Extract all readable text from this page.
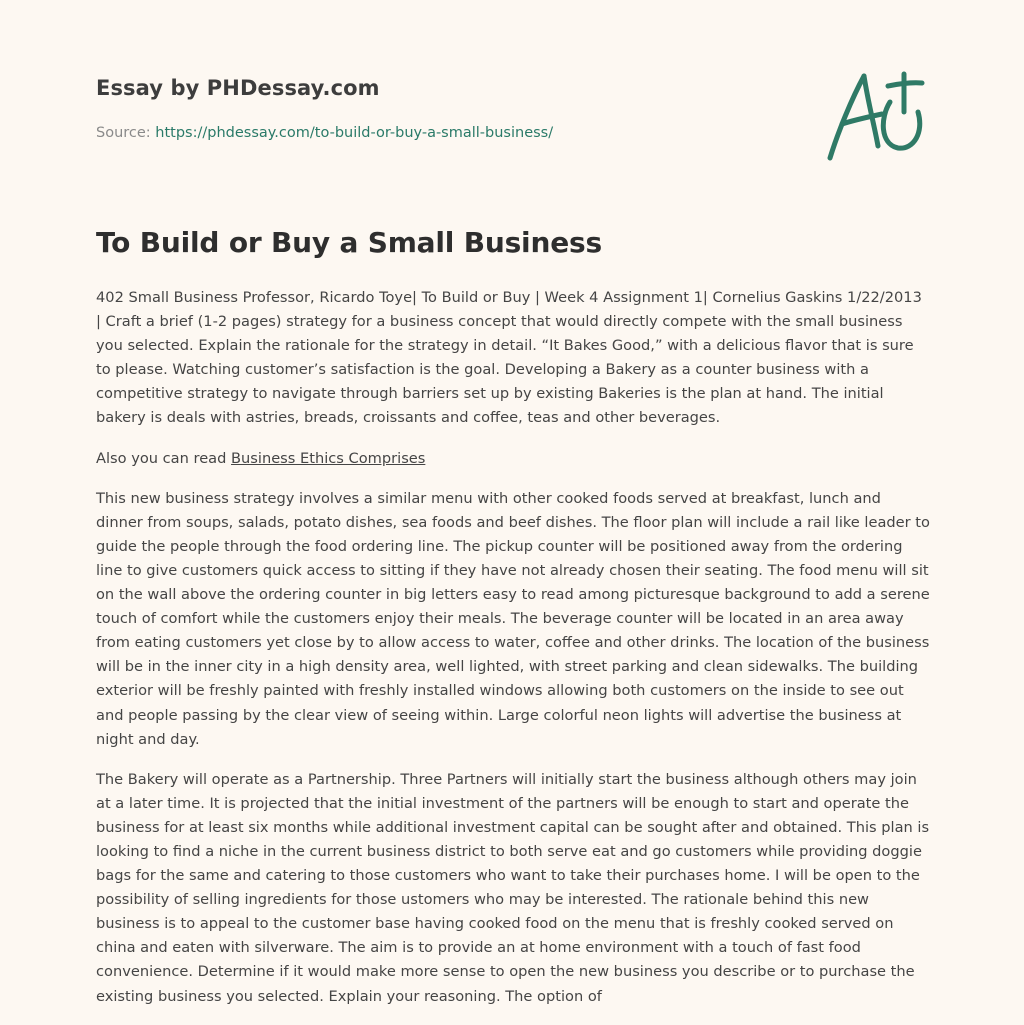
Essay by PHDessay.com
Source: https://phdessay.com/to-build-or-buy-a-small-business/
To Build or Buy a Small Business

402 Small Business Professor, Ricardo Toye| To Build or Buy | Week 4 Assignment 1| Cornelius Gaskins 1/22/2013 | Craft a brief (1-2 pages) strategy for a business concept that would directly compete with the small business you selected. Explain the rationale for the strategy in detail. “It Bakes Good,” with a delicious flavor that is sure to please. Watching customer’s satisfaction is the goal. Developing a Bakery as a counter business with a competitive strategy to navigate through barriers set up by existing Bakeries is the plan at hand. The initial bakery is deals with astries, breads, croissants and coffee, teas and other beverages.

Also you can read Business Ethics Comprises

This new business strategy involves a similar menu with other cooked foods served at breakfast, lunch and dinner from soups, salads, potato dishes, sea foods and beef dishes. The floor plan will include a rail like leader to guide the people through the food ordering line. The pickup counter will be positioned away from the ordering line to give customers quick access to sitting if they have not already chosen their seating. The food menu will sit on the wall above the ordering counter in big letters easy to read among picturesque background to add a serene touch of comfort while the customers enjoy their meals. The beverage counter will be located in an area away from eating customers yet close by to allow access to water, coffee and other drinks. The location of the business will be in the inner city in a high density area, well lighted, with street parking and clean sidewalks. The building exterior will be freshly painted with freshly installed windows allowing both customers on the inside to see out and people passing by the clear view of seeing within. Large colorful neon lights will advertise the business at night and day.

The Bakery will operate as a Partnership. Three Partners will initially start the business although others may join at a later time. It is projected that the initial investment of the partners will be enough to start and operate the business for at least six months while additional investment capital can be sought after and obtained. This plan is looking to find a niche in the current business district to both serve eat and go customers while providing doggie bags for the same and catering to those customers who want to take their purchases home. I will be open to the possibility of selling ingredients for those ustomers who may be interested. The rationale behind this new business is to appeal to the customer base having cooked food on the menu that is freshly cooked served on china and eaten with silverware. The aim is to provide an at home environment with a touch of fast food convenience. Determine if it would make more sense to open the new business you describe or to purchase the existing business you selected. Explain your reasoning. The option of
